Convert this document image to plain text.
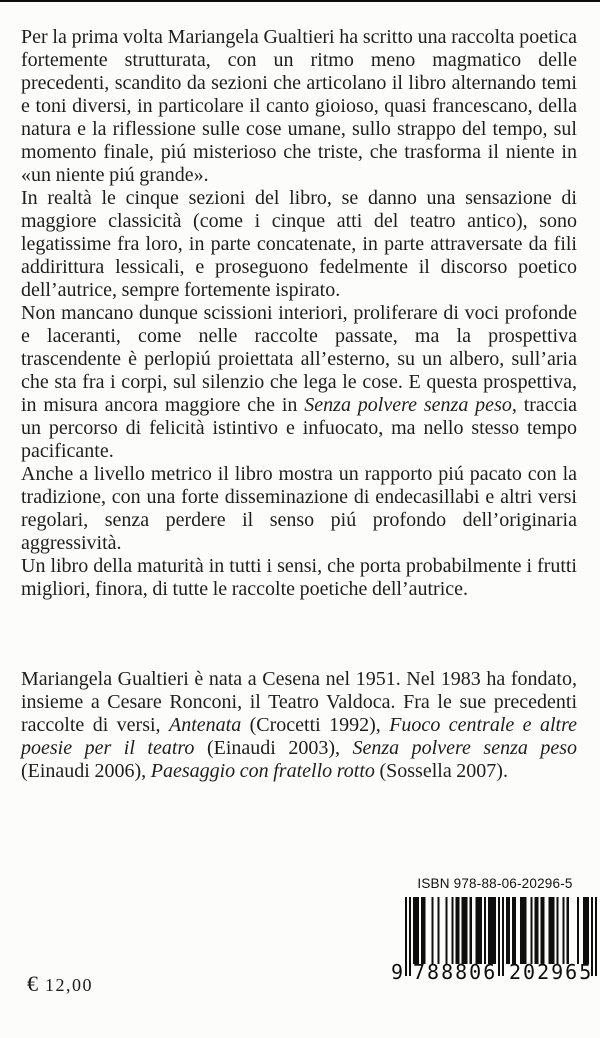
Per la prima volta Mariangela Gualtieri ha scritto una raccolta poetica fortemente strutturata, con un ritmo meno magmatico delle precedenti, scandito da sezioni che articolano il libro alternando temi e toni diversi, in particolare il canto gioioso, quasi francescano, della natura e la riflessione sulle cose umane, sullo strappo del tempo, sul momento finale, piú misterioso che triste, che trasforma il niente in «un niente piú grande».

In realtà le cinque sezioni del libro, se danno una sensazione di maggiore classicità (come i cinque atti del teatro antico), sono legatissime fra loro, in parte concatenate, in parte attraversate da fili addirittura lessicali, e proseguono fedelmente il discorso poetico dell’autrice, sempre fortemente ispirato.

Non mancano dunque scissioni interiori, proliferare di voci profonde e laceranti, come nelle raccolte passate, ma la prospettiva trascendente è perlopiú proiettata all’esterno, su un albero, sull’aria che sta fra i corpi, sul silenzio che lega le cose. E questa prospettiva, in misura ancora maggiore che in Senza polvere senza peso, traccia un percorso di felicità istintivo e infuocato, ma nello stesso tempo pacificante.

Anche a livello metrico il libro mostra un rapporto piú pacato con la tradizione, con una forte disseminazione di endecasillabi e altri versi regolari, senza perdere il senso piú profondo dell’originaria aggressività.

Un libro della maturità in tutti i sensi, che porta probabilmente i frutti migliori, finora, di tutte le raccolte poetiche dell’autrice.

Mariangela Gualtieri è nata a Cesena nel 1951. Nel 1983 ha fondato, insieme a Cesare Ronconi, il Teatro Valdoca. Fra le sue precedenti raccolte di versi, Antenata (Crocetti 1992), Fuoco centrale e altre poesie per il teatro (Einaudi 2003), Senza polvere senza peso (Einaudi 2006), Paesaggio con fratello rotto (Sossella 2007).

€ 12,00
ISBN 978-88-06-20296-5
9 788806 202965
